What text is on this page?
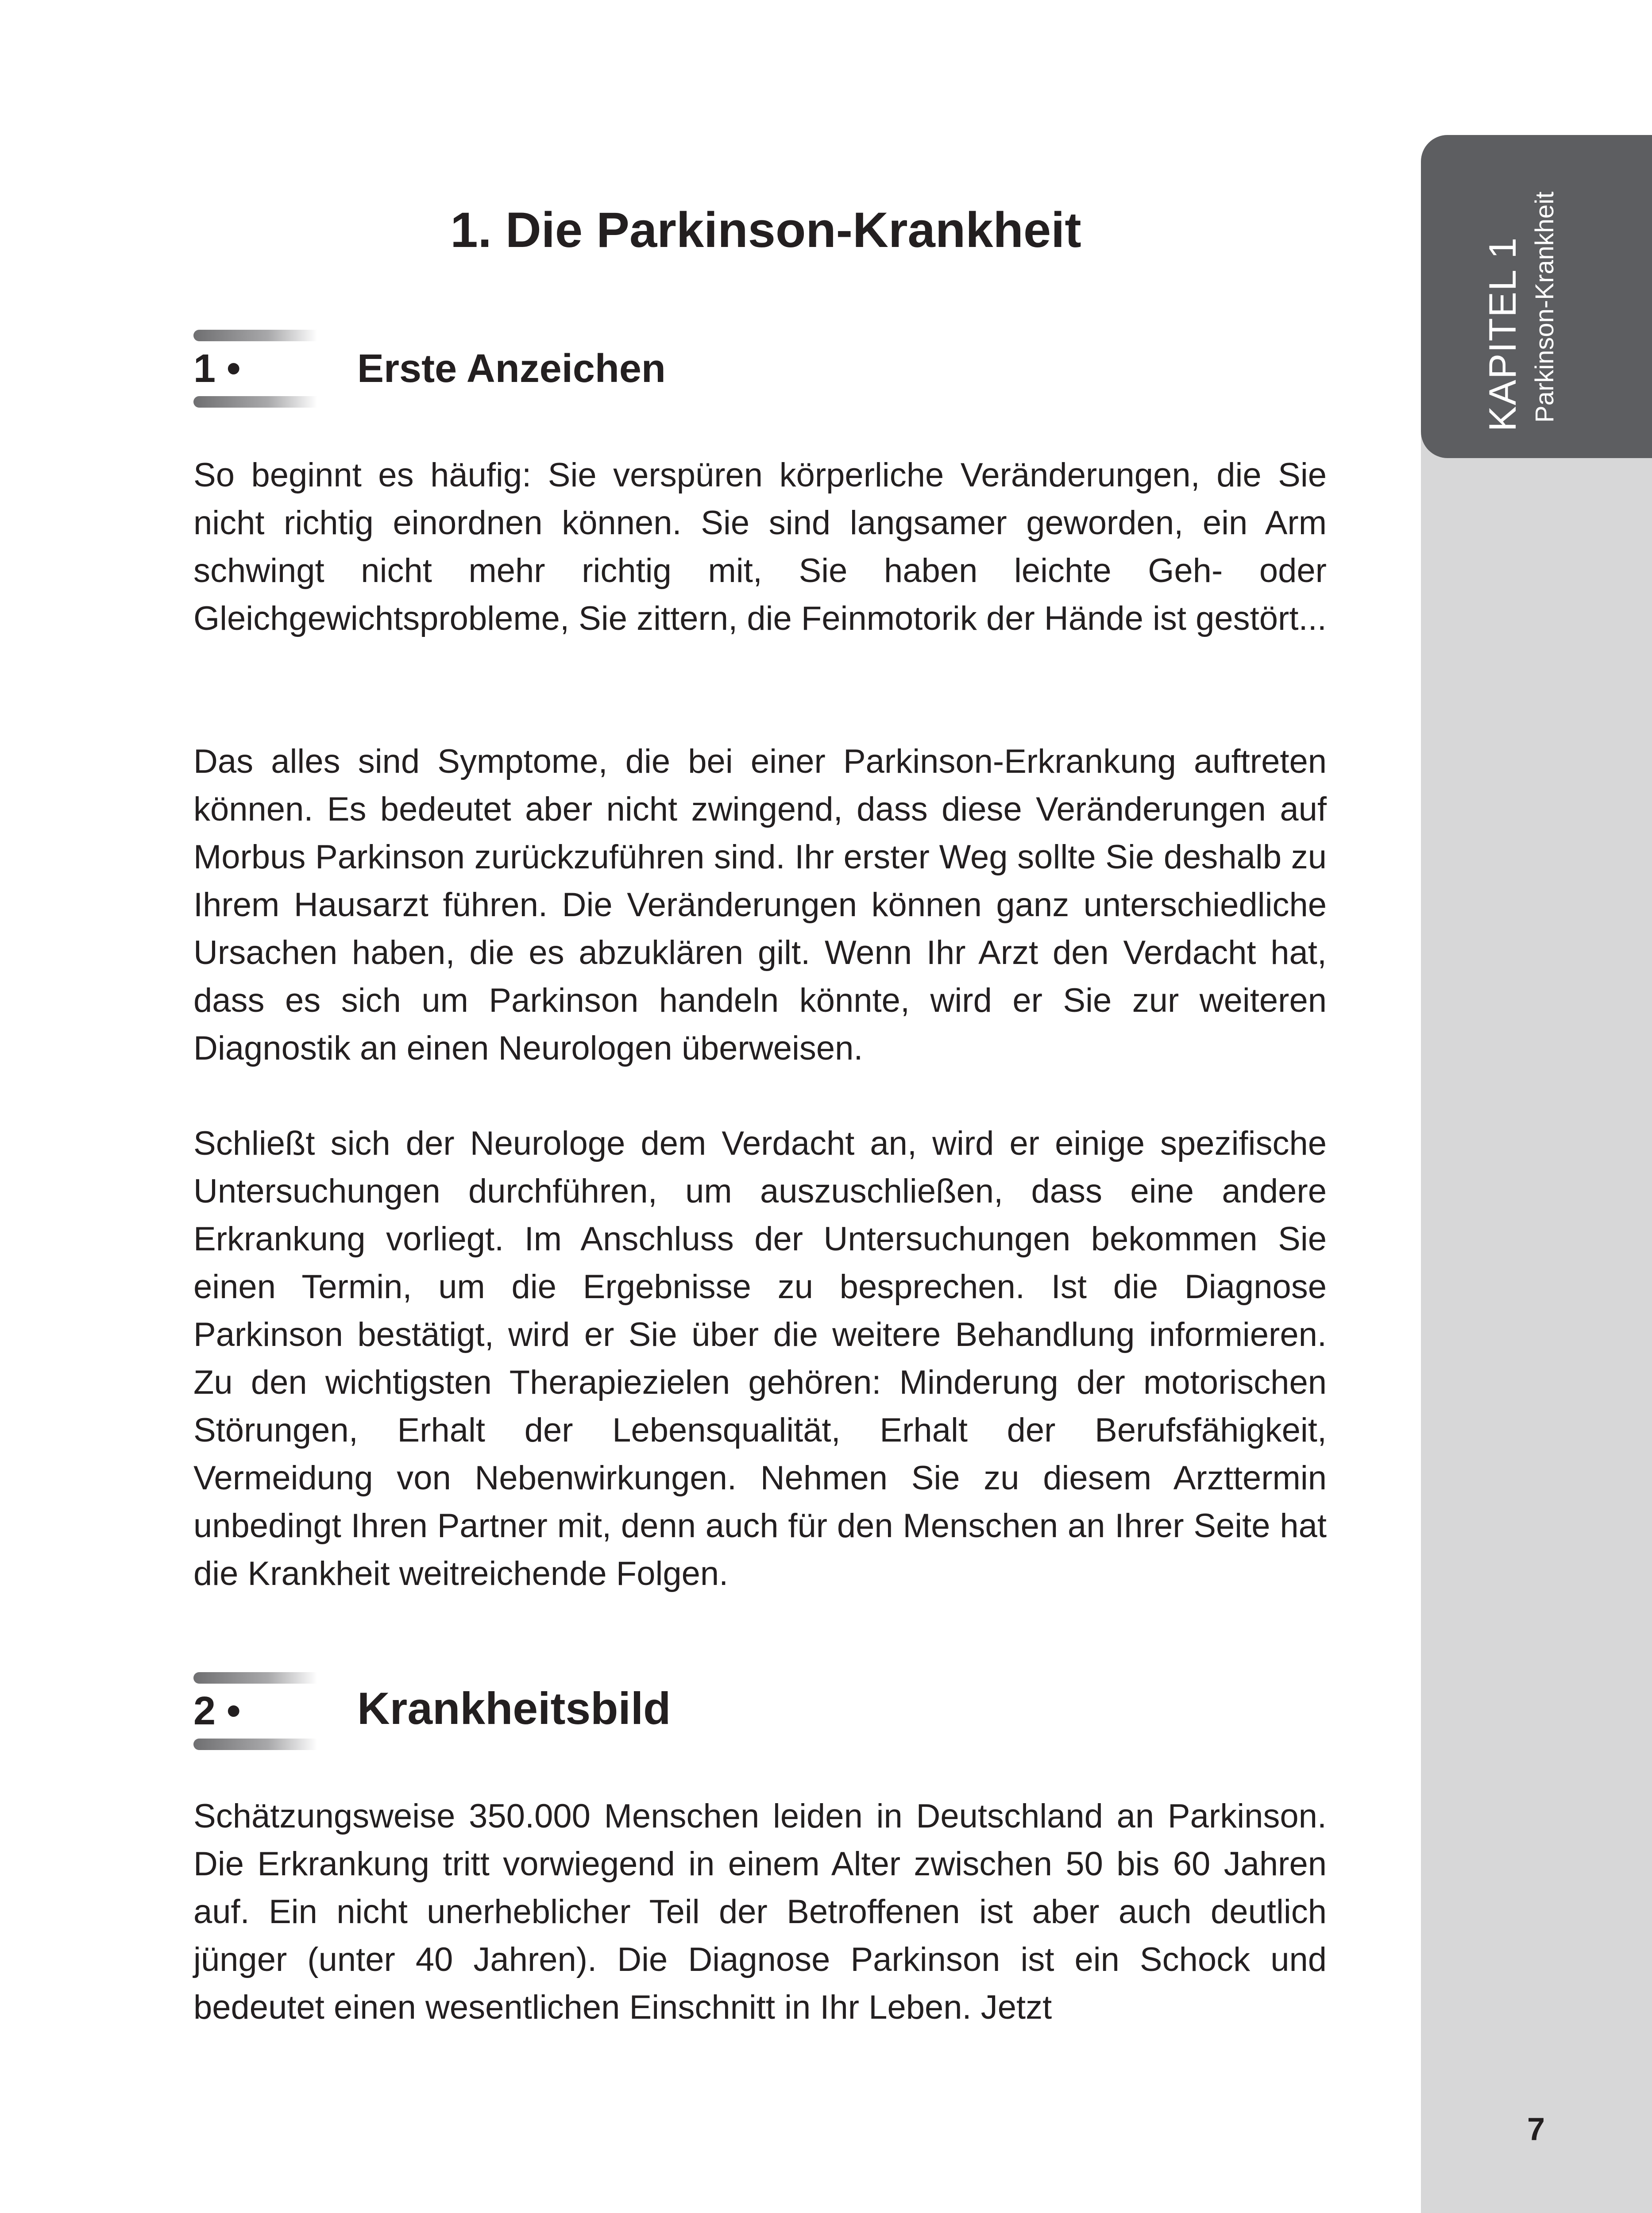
KAPITEL 1 Parkinson-Krankheit
1. Die Parkinson-Krankheit
1 •	Erste Anzeichen

So beginnt es häufig: Sie verspüren körperliche Veränderungen, die Sie nicht richtig einordnen können. Sie sind langsamer geworden, ein Arm schwingt nicht mehr richtig mit, Sie haben leichte Geh- oder Gleichgewichtsprobleme, Sie zittern, die Feinmotorik der Hände ist gestört...

Das alles sind Symptome, die bei einer Parkinson-Erkrankung auftreten können. Es bedeutet aber nicht zwingend, dass diese Veränderungen auf Morbus Parkinson zurückzuführen sind. Ihr erster Weg sollte Sie deshalb zu Ihrem Hausarzt führen. Die Veränderungen können ganz unterschiedliche Ursachen haben, die es abzuklären gilt. Wenn Ihr Arzt den Verdacht hat, dass es sich um Parkinson handeln könnte, wird er Sie zur weiteren Diagnostik an einen Neurologen überweisen.

Schließt sich der Neurologe dem Verdacht an, wird er einige spezifische Untersuchungen durchführen, um auszuschließen, dass eine andere Erkrankung vorliegt. Im Anschluss der Untersuchungen bekommen Sie einen Termin, um die Ergebnisse zu besprechen. Ist die Diagnose Parkinson bestätigt, wird er Sie über die weitere Behandlung informieren. Zu den wichtigsten Therapiezielen gehören: Minderung der motorischen Störungen, Erhalt der Lebensqualität, Erhalt der Berufsfähigkeit, Vermeidung von Nebenwirkungen. Nehmen Sie zu diesem Arzttermin unbedingt Ihren Partner mit, denn auch für den Menschen an Ihrer Seite hat die Krankheit weitreichende Folgen.

2 •	Krankheitsbild

Schätzungsweise 350.000 Menschen leiden in Deutschland an Parkinson. Die Erkrankung tritt vorwiegend in einem Alter zwischen 50 bis 60 Jahren auf. Ein nicht unerheblicher Teil der Betroffenen ist aber auch deutlich jünger (unter 40 Jahren). Die Diagnose Parkinson ist ein Schock und bedeutet einen wesentlichen Einschnitt in Ihr Leben. Jetzt

7
